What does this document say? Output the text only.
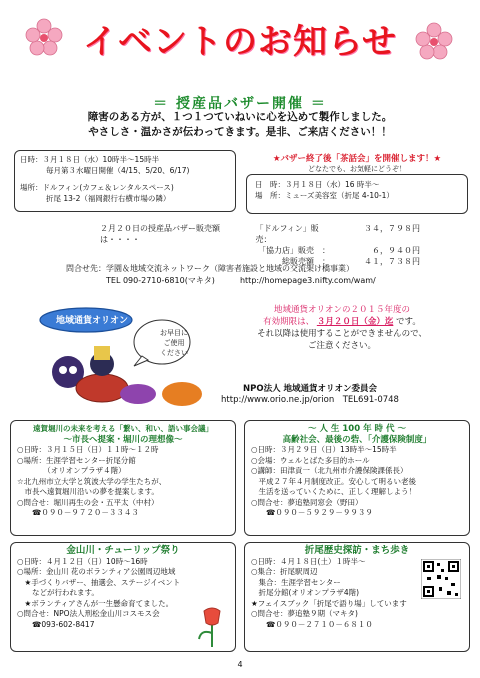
イベントのお知らせ
＝ 授産品バザー開催 ＝
障害のある方が、１つ１つていねいに心を込めて製作しました。
やさしさ・温かさが伝わってきます。是非、ご来店ください！！
日時：３月１８日（水）10時半～15時半
毎月第３水曜日開催（4/15、5/20、6/17)
場所：ドルフィン(カフェ＆レンタルスペース)
折尾 13-2（福岡銀行右横市場の隣）
★バザー終了後「茶話会」を開催します！★
どなたでも、お気軽にどうぞ！
日　時：３月１８日（水）16 時半～
場　所：ミューズ美容室（折尾 4-10-1）
２月２０日の授産品バザー販売額は・・・・
「ドルフィン」販売：
３４，７９８円
「協力店」販売　：	６，９４０円
総販売額　：	４１，７３８円
問合せ先：学園＆地域交流ネットワーク（障害者施設と地域の交流架け橋事業）
TEL 090-2710-6810(マキタ)	http://homepage3.nifty.com/wam/
地域通貨オリオン
お早目に
ご使用
ください
地域通貨オリオンの２０１５年度の
有効期限は、 ３月２０日（金）迄 です。
それ以降は使用することができませんので、
ご注意ください。
NPO法人 地域通貨オリオン委員会
http://www.orio.ne.jp/orion　TEL691-0748
遠賀堀川の未来を考える「繋い、和い、語い事会議」
～市長へ提案・堀川の理想像～
○日時：３月１５日（日）１１時～１２時
○場所：生涯学習センター折尾分館
　　　　（オリオンプラザ４階）
☆北九州市立大学と筑波大学の学生たちが、
　市長へ遠賀堀川沿いの夢を提案します。
○問合せ：堀川再生の会・五平太（中村）
　　☎０９０－９７２０－３３４３
～ 人 生 100 年 時 代 ～
高齢社会、最後の砦、「介護保険制度」
○日時：３月２９日（日）13時半～15時半
○会場：ウェルとばた多目的ホール
○講師：田津貢一（北九州市介護保険課係長）
　平成２７年４月制度改正。安心して明るい老後
　生活を送っていくために、正しく理解しよう！
○問合せ：夢追塾同窓会（野田）
　　☎０９０－５９２９－９９３９
金山川・チューリップ祭り
○日時：４月１２日（日）10時～16時
○場所：金山川 花のボランティア公園周辺地域
　★手づくりバザー、抽選会、ステージイベント
　　などが行われます。
　★ボランティアさんが一生懸命育てました。
○問合せ：NPO法人刑松金山川コスモス会
　　☎093-602-8417
折尾歴史探訪・まち歩き
○日時：４月１８日(土）１時半～
○集合：折尾駅周辺
　集合：生涯学習センター
　折尾分館(オリオンプラザ4階)
★フェイスブック「折尾で語り場」しています
○問合せ：夢追塾９期（マキタ)
　　☎０９０－２７１０－６８１０
4
